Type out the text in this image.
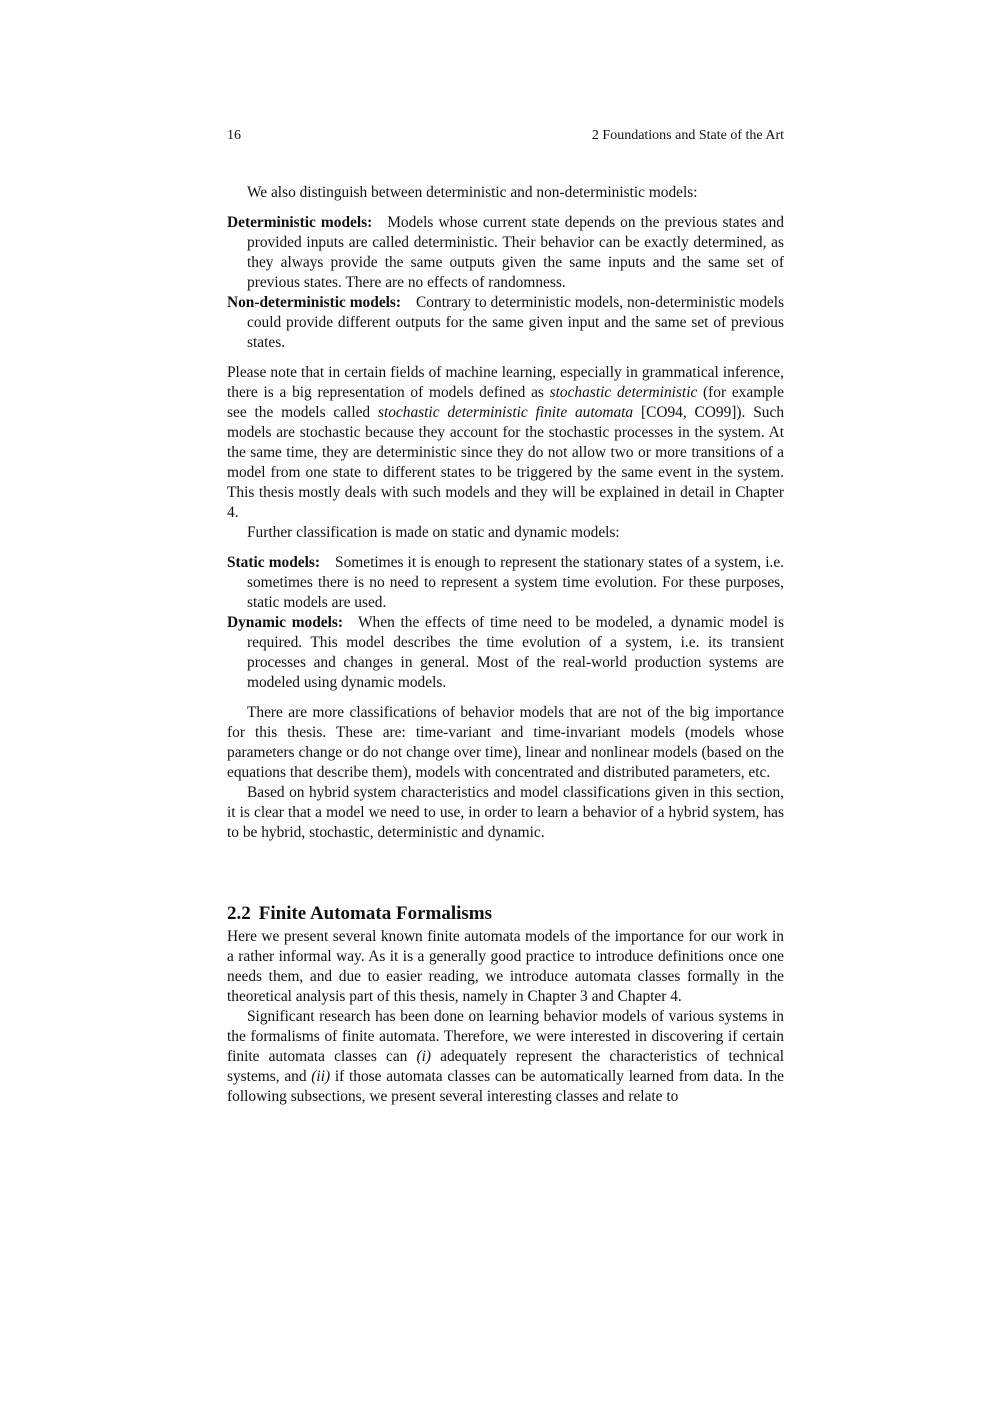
16	2 Foundations and State of the Art

We also distinguish between deterministic and non-deterministic models:

Deterministic models: Models whose current state depends on the previous states and provided inputs are called deterministic. Their behavior can be exactly determined, as they always provide the same outputs given the same inputs and the same set of previous states. There are no effects of randomness.
Non-deterministic models: Contrary to deterministic models, non-deterministic models could provide different outputs for the same given input and the same set of previous states.

Please note that in certain fields of machine learning, especially in grammatical inference, there is a big representation of models defined as stochastic deterministic (for example see the models called stochastic deterministic finite automata [CO94, CO99]). Such models are stochastic because they account for the stochastic processes in the system. At the same time, they are deterministic since they do not allow two or more transitions of a model from one state to different states to be triggered by the same event in the system. This thesis mostly deals with such models and they will be explained in detail in Chapter 4.

Further classification is made on static and dynamic models:

Static models: Sometimes it is enough to represent the stationary states of a system, i.e. sometimes there is no need to represent a system time evolution. For these purposes, static models are used.
Dynamic models: When the effects of time need to be modeled, a dynamic model is required. This model describes the time evolution of a system, i.e. its transient processes and changes in general. Most of the real-world production systems are modeled using dynamic models.

There are more classifications of behavior models that are not of the big importance for this thesis. These are: time-variant and time-invariant models (models whose parameters change or do not change over time), linear and nonlinear models (based on the equations that describe them), models with concentrated and distributed parameters, etc.

Based on hybrid system characteristics and model classifications given in this section, it is clear that a model we need to use, in order to learn a behavior of a hybrid system, has to be hybrid, stochastic, deterministic and dynamic.

2.2 Finite Automata Formalisms

Here we present several known finite automata models of the importance for our work in a rather informal way. As it is a generally good practice to introduce definitions once one needs them, and due to easier reading, we introduce automata classes formally in the theoretical analysis part of this thesis, namely in Chapter 3 and Chapter 4.

Significant research has been done on learning behavior models of various systems in the formalisms of finite automata. Therefore, we were interested in discovering if certain finite automata classes can (i) adequately represent the characteristics of technical systems, and (ii) if those automata classes can be automatically learned from data. In the following subsections, we present several interesting classes and relate to
